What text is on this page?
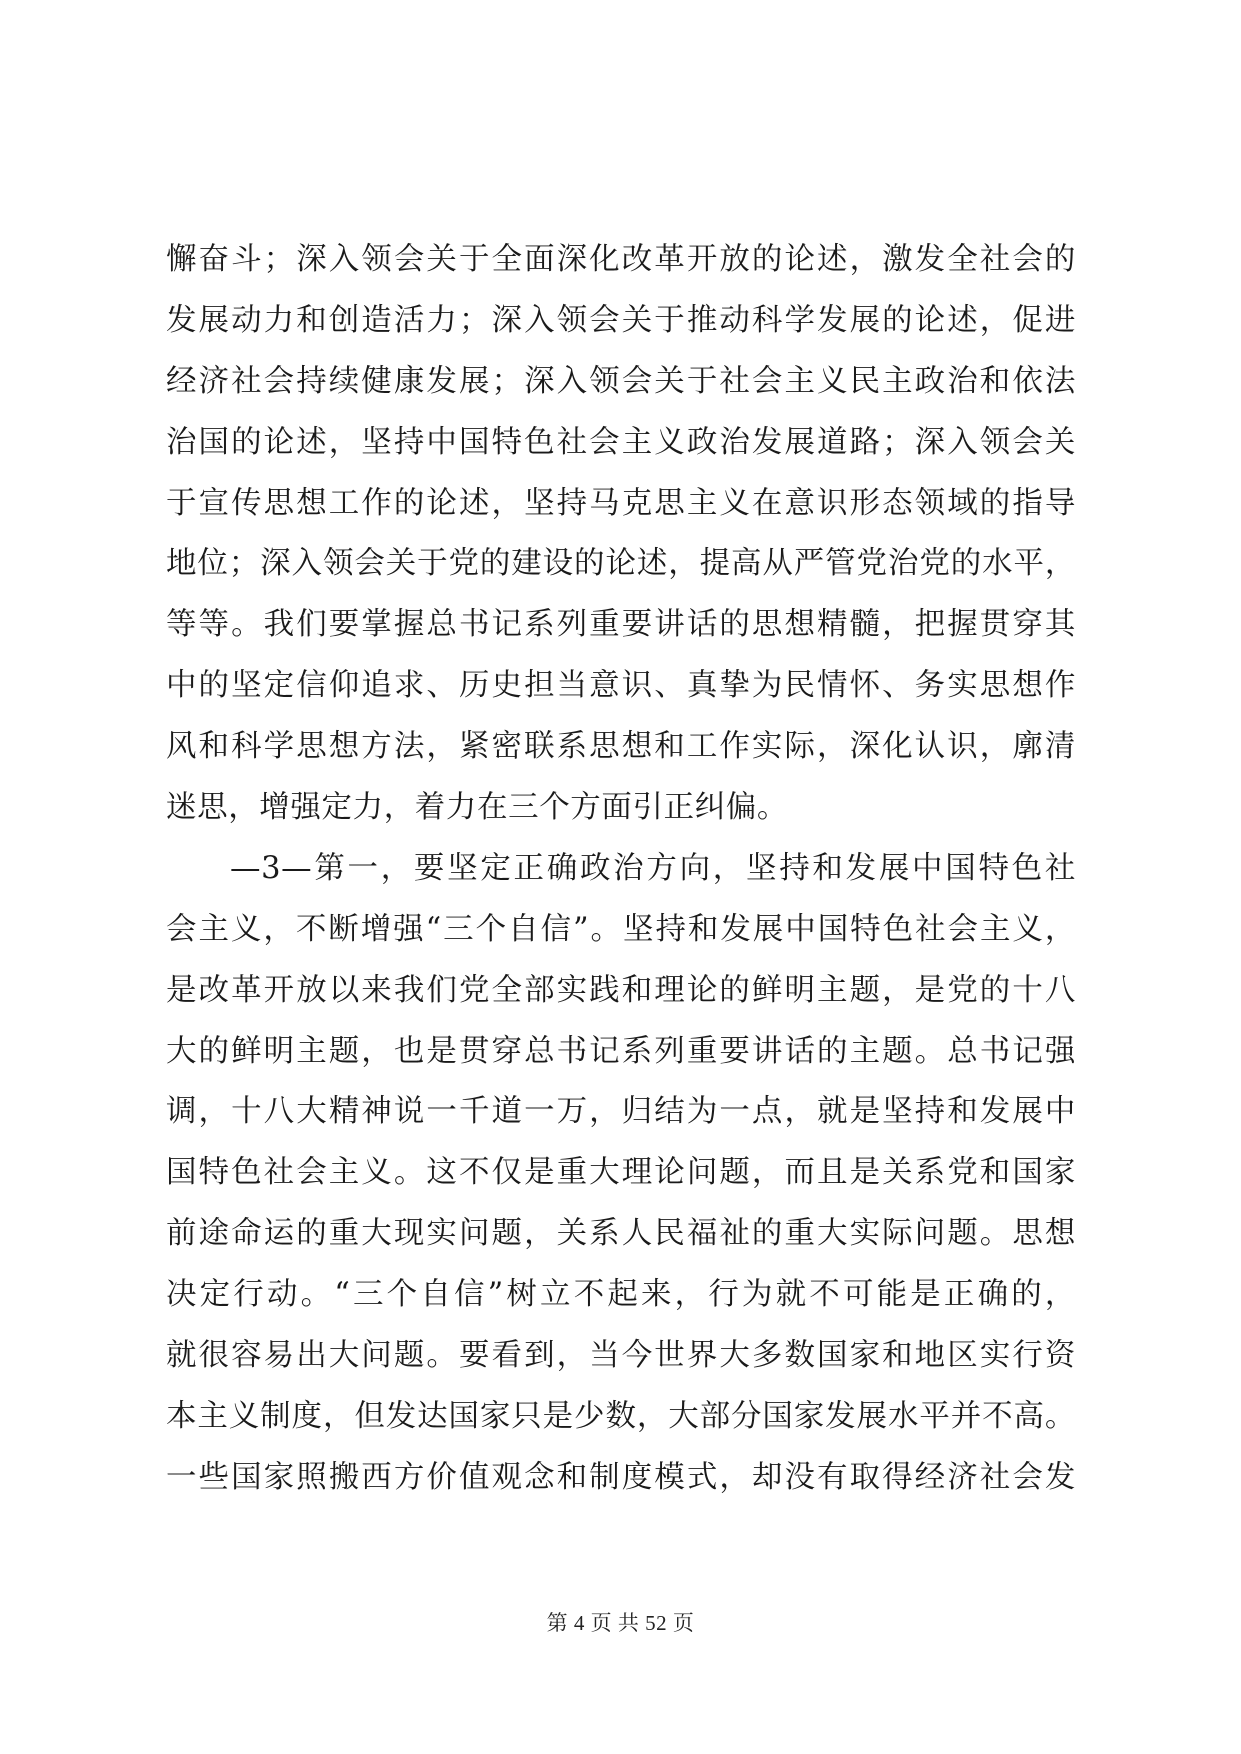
懈奋斗；深入领会关于全面深化改革开放的论述，激发全社会的
发展动力和创造活力；深入领会关于推动科学发展的论述，促进
经济社会持续健康发展；深入领会关于社会主义民主政治和依法
治国的论述，坚持中国特色社会主义政治发展道路；深入领会关
于宣传思想工作的论述，坚持马克思主义在意识形态领域的指导
地位；深入领会关于党的建设的论述，提高从严管党治党的水平，
等等。我们要掌握总书记系列重要讲话的思想精髓，把握贯穿其
中的坚定信仰追求、历史担当意识、真挚为民情怀、务实思想作
风和科学思想方法，紧密联系思想和工作实际，深化认识，廓清
迷思，增强定力，着力在三个方面引正纠偏。
—3—第一，要坚定正确政治方向，坚持和发展中国特色社
会主义，不断增强“三个自信”。坚持和发展中国特色社会主义，
是改革开放以来我们党全部实践和理论的鲜明主题，是党的十八
大的鲜明主题，也是贯穿总书记系列重要讲话的主题。总书记强
调，十八大精神说一千道一万，归结为一点，就是坚持和发展中
国特色社会主义。这不仅是重大理论问题，而且是关系党和国家
前途命运的重大现实问题，关系人民福祉的重大实际问题。思想
决定行动。“三个自信”树立不起来，行为就不可能是正确的，
就很容易出大问题。要看到，当今世界大多数国家和地区实行资
本主义制度，但发达国家只是少数，大部分国家发展水平并不高。
一些国家照搬西方价值观念和制度模式，却没有取得经济社会发
第 4 页 共 52 页
